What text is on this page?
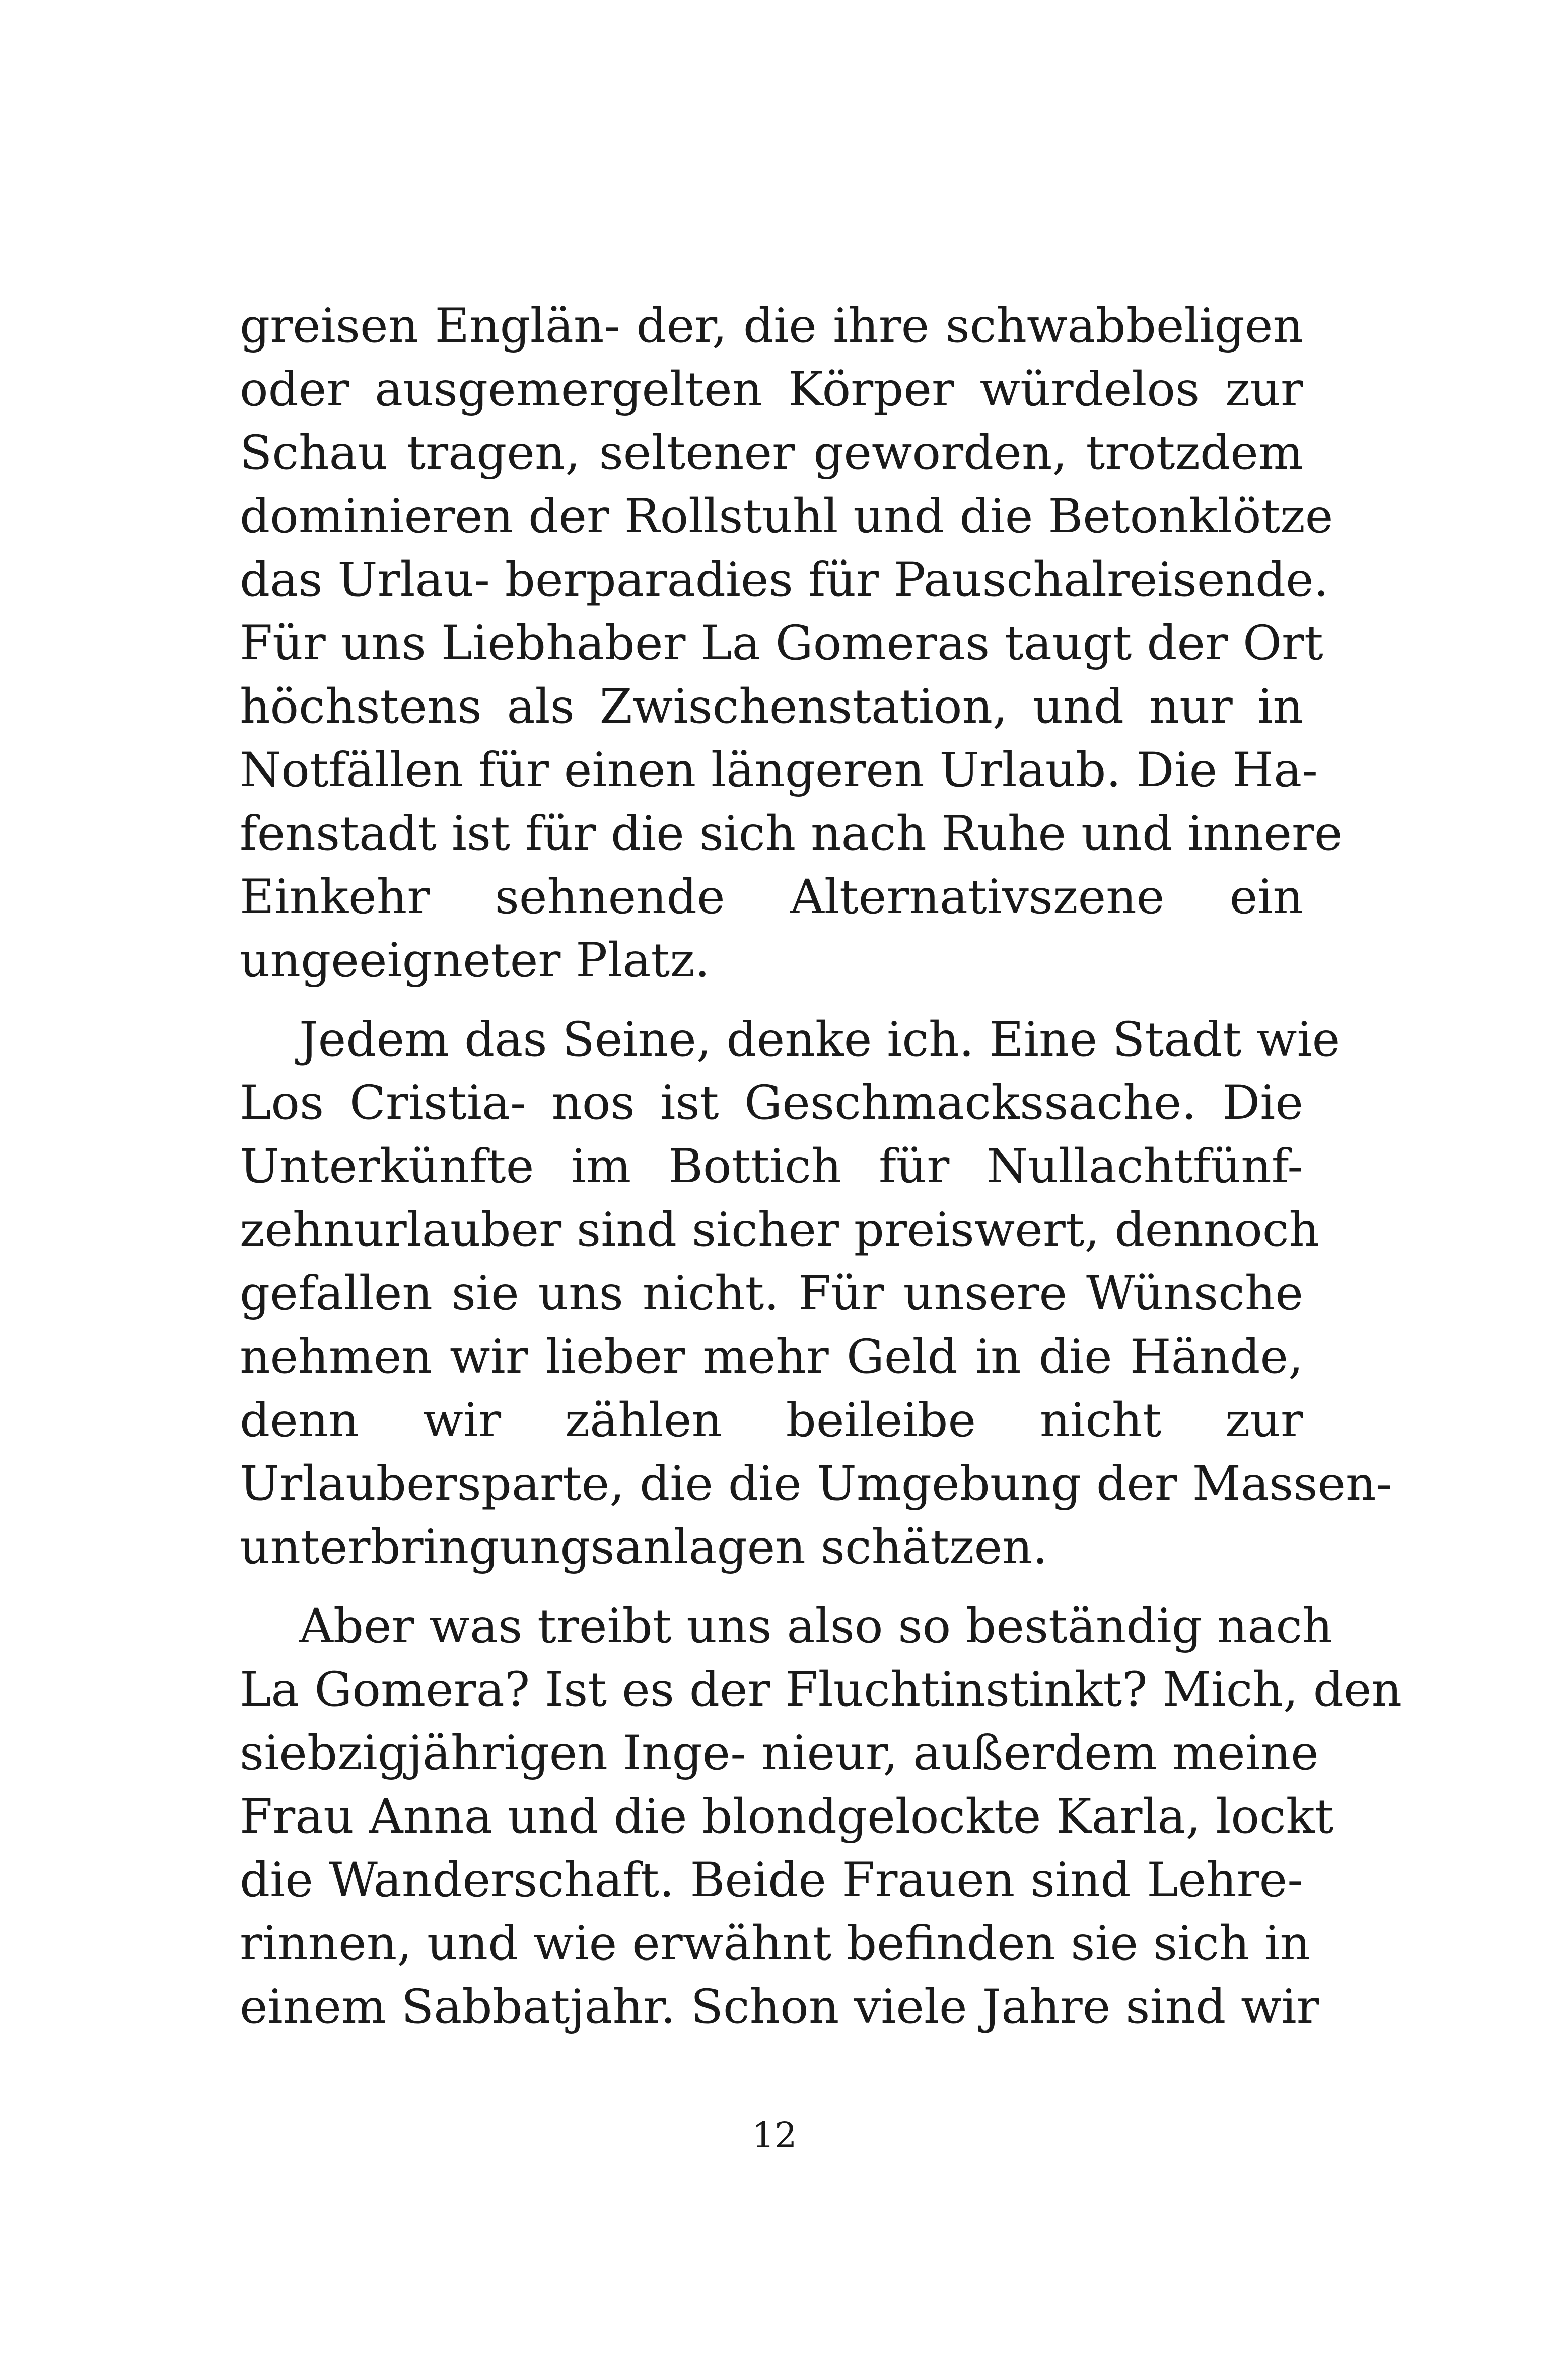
greisen Englän- der, die ihre schwabbeligen
oder ausgemergelten Körper würdelos zur
Schau tragen, seltener geworden, trotzdem
dominieren der Rollstuhl und die Betonklötze
das Urlau- berparadies für Pauschalreisende.
Für uns Liebhaber La Gomeras taugt der Ort
höchstens als Zwischenstation, und nur in
Notfällen für einen längeren Urlaub. Die Ha-
fenstadt ist für die sich nach Ruhe und innere
Einkehr sehnende Alternativszene ein
ungeeigneter Platz.
Jedem das Seine, denke ich. Eine Stadt wie
Los Cristia- nos ist Geschmackssache. Die
Unterkünfte im Bottich für Nullachtfünf-
zehnurlauber sind sicher preiswert, dennoch
gefallen sie uns nicht. Für unsere Wünsche
nehmen wir lieber mehr Geld in die Hände,
denn wir zählen beileibe nicht zur
Urlaubersparte, die die Umgebung der Massen-
unterbringungsanlagen schätzen.
Aber was treibt uns also so beständig nach
La Gomera? Ist es der Fluchtinstinkt? Mich, den
siebzigjährigen Inge- nieur, außerdem meine
Frau Anna und die blondgelockte Karla, lockt
die Wanderschaft. Beide Frauen sind Lehre-
rinnen, und wie erwähnt befinden sie sich in
einem Sabbatjahr. Schon viele Jahre sind wir
12
